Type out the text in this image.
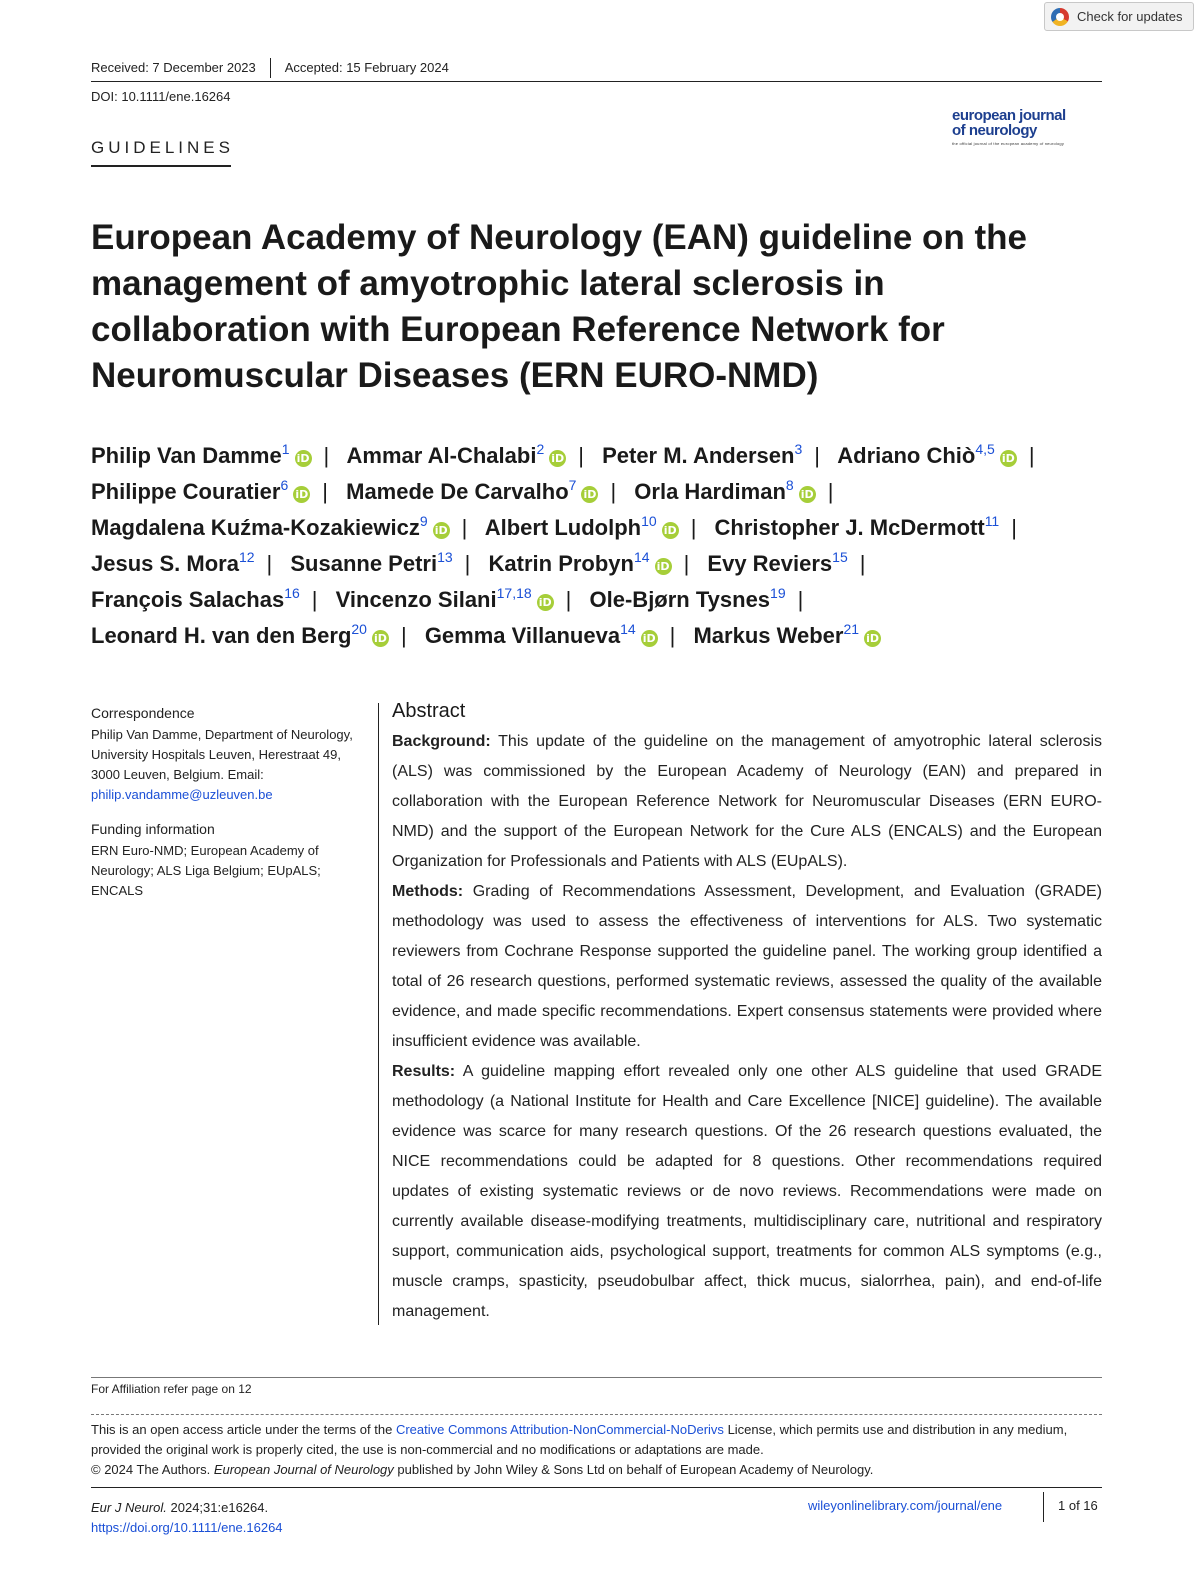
Check for updates
Received: 7 December 2023 Accepted: 15 February 2024
DOI: 10.1111/ene.16264
GUIDELINES
european journal
of neurology
the official journal of the european academy of neurology
European Academy of Neurology (EAN) guideline on the management of amyotrophic lateral sclerosis in collaboration with European Reference Network for Neuromuscular Diseases (ERN EURO-NMD)
Philip Van Damme$^1$iD | Ammar Al-Chalabi$^2$iD | Peter M. Andersen$^3$ | Adriano Chiò$^{4,5}$iD | Philippe Couratier$^6$iD | Mamede De Carvalho$^7$iD | Orla Hardiman$^8$iD | Magdalena Kuźma-Kozakiewicz$^9$iD | Albert Ludolph$^{10}$iD | Christopher J. McDermott$^{11}$ | Jesus S. Mora$^{12}$ | Susanne Petri$^{13}$ | Katrin Probyn$^{14}$iD | Evy Reviers$^{15}$ | François Salachas$^{16}$ | Vincenzo Silani$^{17,18}$iD | Ole-Bjørn Tysnes$^{19}$ | Leonard H. van den Berg$^{20}$iD | Gemma Villanueva$^{14}$iD | Markus Weber$^{21}$iD
Correspondence

Philip Van Damme, Department of Neurology, University Hospitals Leuven, Herestraat 49, 3000 Leuven, Belgium. Email: philip.vandamme@uzleuven.be

Funding information

ERN Euro-NMD; European Academy of Neurology; ALS Liga Belgium; EUpALS; ENCALS

Abstract

Background: This update of the guideline on the management of amyotrophic lateral sclerosis (ALS) was commissioned by the European Academy of Neurology (EAN) and prepared in collaboration with the European Reference Network for Neuromuscular Diseases (ERN EURO-NMD) and the support of the European Network for the Cure ALS (ENCALS) and the European Organization for Professionals and Patients with ALS (EUpALS).

Methods: Grading of Recommendations Assessment, Development, and Evaluation (GRADE) methodology was used to assess the effectiveness of interventions for ALS. Two systematic reviewers from Cochrane Response supported the guideline panel. The working group identified a total of 26 research questions, performed systematic reviews, assessed the quality of the available evidence, and made specific recommendations. Expert consensus statements were provided where insufficient evidence was available.

Results: A guideline mapping effort revealed only one other ALS guideline that used GRADE methodology (a National Institute for Health and Care Excellence [NICE] guideline). The available evidence was scarce for many research questions. Of the 26 research questions evaluated, the NICE recommendations could be adapted for 8 questions. Other recommendations required updates of existing systematic reviews or de novo reviews. Recommendations were made on currently available disease-modifying treatments, multidisciplinary care, nutritional and respiratory support, communication aids, psychological support, treatments for common ALS symptoms (e.g., muscle cramps, spasticity, pseudobulbar affect, thick mucus, sialorrhea, pain), and end-of-life management.

For Affiliation refer page on 12
This is an open access article under the terms of the Creative Commons Attribution-NonCommercial-NoDerivs License, which permits use and distribution in any medium, provided the original work is properly cited, the use is non-commercial and no modifications or adaptations are made.
© 2024 The Authors. European Journal of Neurology published by John Wiley & Sons Ltd on behalf of European Academy of Neurology.
Eur J Neurol. 2024;31:e16264.
https://doi.org/10.1111/ene.16264
wileyonlinelibrary.com/journal/ene	1 of 16
